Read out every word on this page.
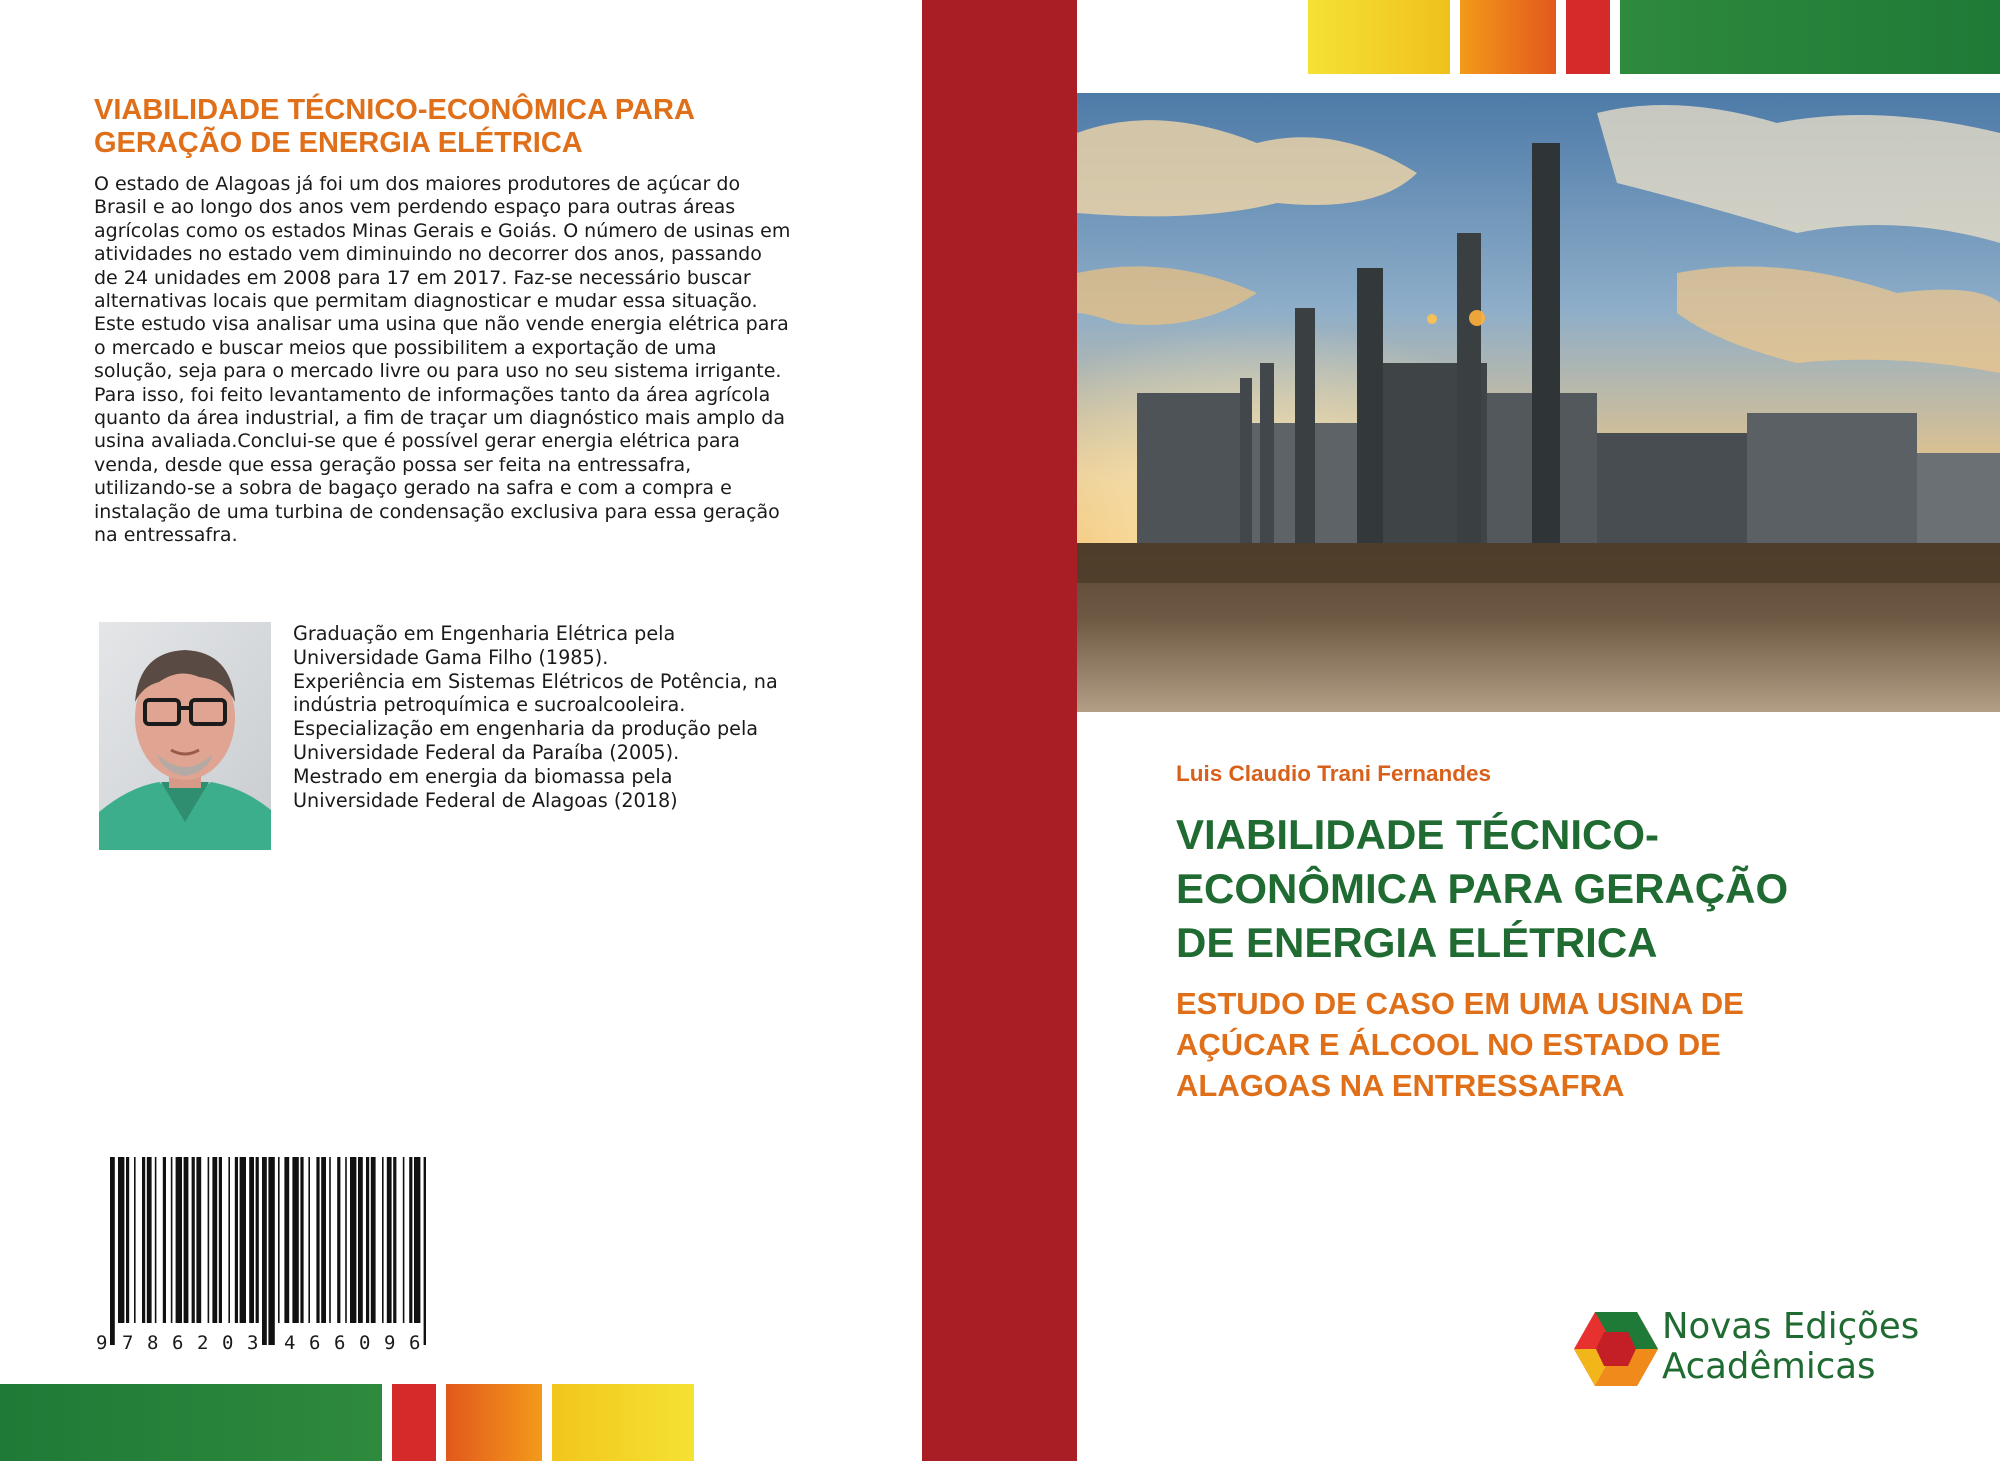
VIABILIDADE TÉCNICO-ECONÔMICA PARA
GERAÇÃO DE ENERGIA ELÉTRICA
O estado de Alagoas já foi um dos maiores produtores de açúcar do
Brasil e ao longo dos anos vem perdendo espaço para outras áreas
agrícolas como os estados Minas Gerais e Goiás. O número de usinas em
atividades no estado vem diminuindo no decorrer dos anos, passando
de 24 unidades em 2008 para 17 em 2017. Faz-se necessário buscar
alternativas locais que permitam diagnosticar e mudar essa situação.
Este estudo visa analisar uma usina que não vende energia elétrica para
o mercado e buscar meios que possibilitem a exportação de uma
solução, seja para o mercado livre ou para uso no seu sistema irrigante.
Para isso, foi feito levantamento de informações tanto da área agrícola
quanto da área industrial, a fim de traçar um diagnóstico mais amplo da
usina avaliada.Conclui-se que é possível gerar energia elétrica para
venda, desde que essa geração possa ser feita na entressafra,
utilizando-se a sobra de bagaço gerado na safra e com a compra e
instalação de uma turbina de condensação exclusiva para essa geração
na entressafra.
Graduação em Engenharia Elétrica pela
Universidade Gama Filho (1985).
Experiência em Sistemas Elétricos de Potência, na
indústria petroquímica e sucroalcooleira.
Especialização em engenharia da produção pela
Universidade Federal da Paraíba (2005).
Mestrado em energia da biomassa pela
Universidade Federal de Alagoas (2018)
9 7 8 6 2 0 3 4 6 6 0 9 6
Luis Claudio Trani Fernandes
VIABILIDADE TÉCNICO-
ECONÔMICA PARA GERAÇÃO
DE ENERGIA ELÉTRICA
ESTUDO DE CASO EM UMA USINA DE
AÇÚCAR E ÁLCOOL NO ESTADO DE
ALAGOAS NA ENTRESSAFRA
Novas Edições
Acadêmicas
